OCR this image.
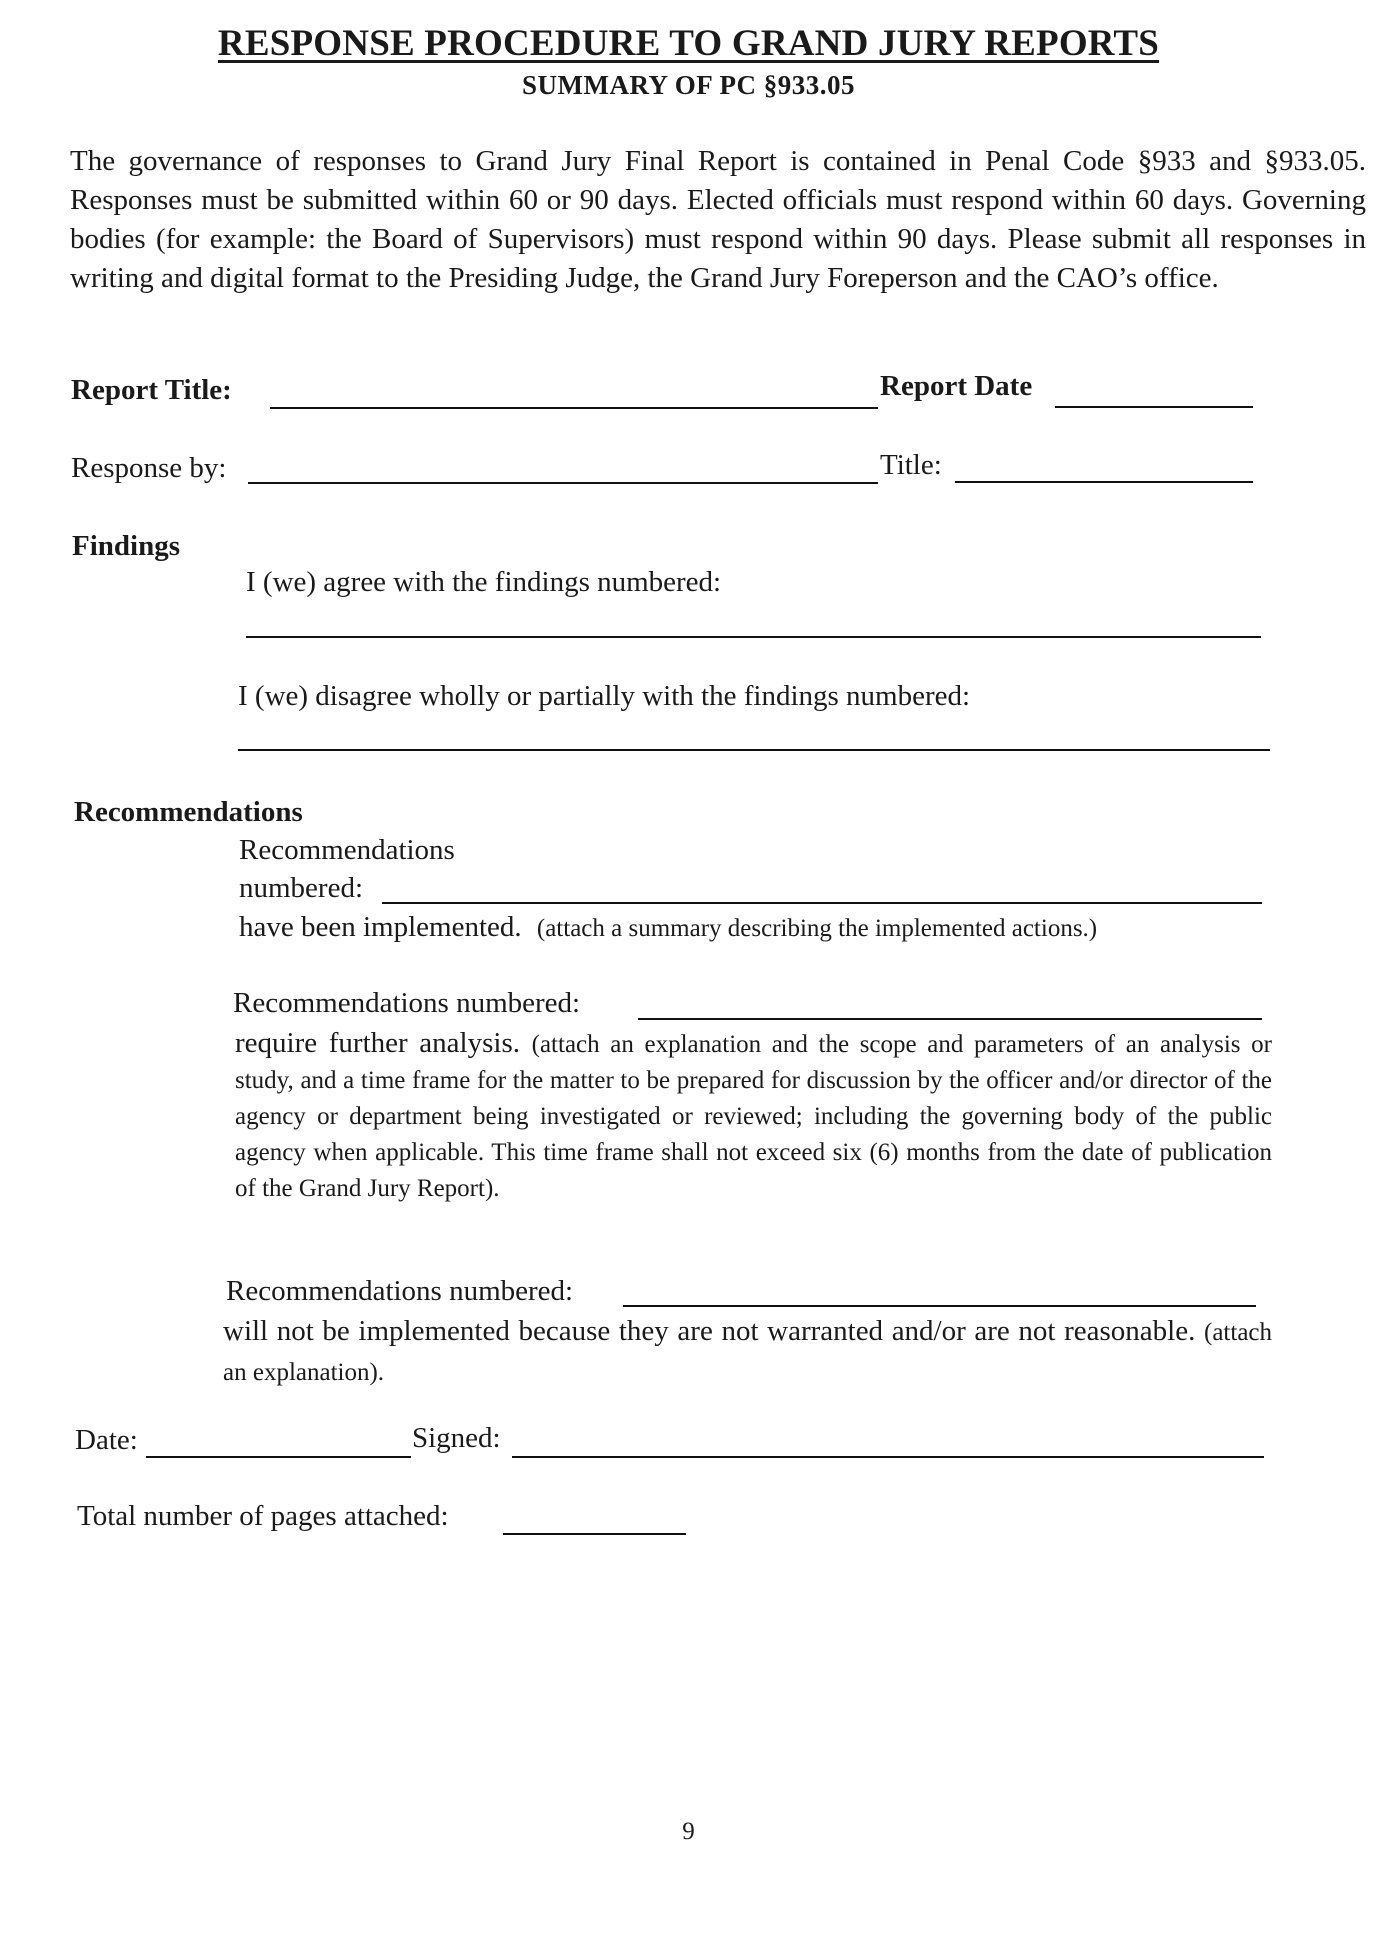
RESPONSE PROCEDURE TO GRAND JURY REPORTS
SUMMARY OF PC §933.05
The governance of responses to Grand Jury Final Report is contained in Penal Code §933 and §933.05. Responses must be submitted within 60 or 90 days. Elected officials must respond within 60 days. Governing bodies (for example: the Board of Supervisors) must respond within 90 days. Please submit all responses in writing and digital format to the Presiding Judge, the Grand Jury Foreperson and the CAO’s office.
Report Title:	Report Date
Response by:	Title:
Findings
I (we) agree with the findings numbered:
I (we) disagree wholly or partially with the findings numbered:
Recommendations
Recommendations
numbered:
have been implemented. (attach a summary describing the implemented actions.)
Recommendations numbered:
require further analysis. (attach an explanation and the scope and parameters of an analysis or study, and a time frame for the matter to be prepared for discussion by the officer and/or director of the agency or department being investigated or reviewed; including the governing body of the public agency when applicable. This time frame shall not exceed six (6) months from the date of publication of the Grand Jury Report).
Recommendations numbered:
will not be implemented because they are not warranted and/or are not reasonable. (attach an explanation).
Date:	Signed:
Total number of pages attached:
9
